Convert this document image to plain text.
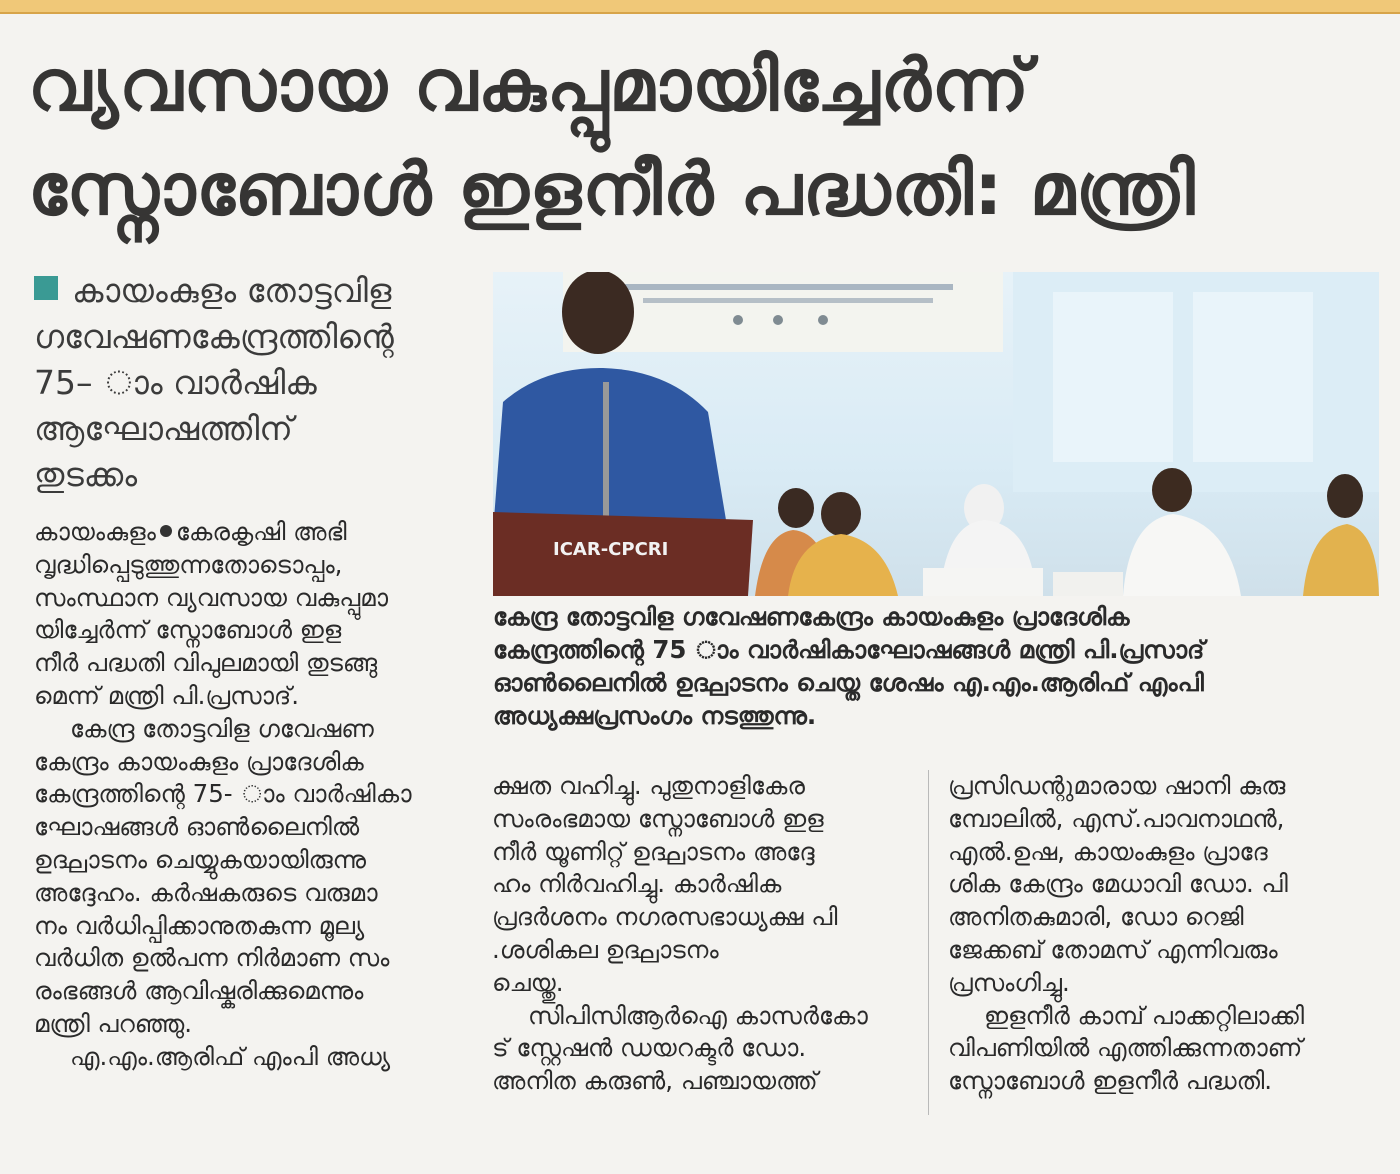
വ്യവസായ വകുപ്പുമായിച്ചേർന്ന്
സ്നോബോൾ ഇളനീർ പദ്ധതി: മന്ത്രി
കായംകുളം തോട്ടവിള
ഗവേഷണകേന്ദ്രത്തിന്റെ
75– ാം വാർഷിക
ആഘോഷത്തിന്
തുടക്കം
ICAR-CPCRI
കേന്ദ്ര തോട്ടവിള ഗവേഷണകേന്ദ്രം കായംകുളം പ്രാദേശിക
കേന്ദ്രത്തിന്റെ 75 ാം വാർഷികാഘോഷങ്ങൾ മന്ത്രി പി.പ്രസാദ്
ഓൺലൈനിൽ ഉദ്ഘാടനം ചെയ്ത ശേഷം എ.എം.ആരിഫ് എംപി
അധ്യക്ഷപ്രസംഗം നടത്തുന്നു.

കായംകുളം കേരകൃഷി അഭി
വൃദ്ധിപ്പെടുത്തുന്നതോടൊപ്പം,
സംസ്ഥാന വ്യവസായ വകുപ്പുമാ
യിച്ചേർന്ന് സ്നോബോൾ ഇള
നീർ പദ്ധതി വിപുലമായി തുടങ്ങു
മെന്ന് മന്ത്രി പി.പ്രസാദ്.

കേന്ദ്ര തോട്ടവിള ഗവേഷണ
കേന്ദ്രം കായംകുളം പ്രാദേശിക
കേന്ദ്രത്തിന്റെ 75- ാം വാർഷികാ
ഘോഷങ്ങൾ ഓൺലൈനിൽ
ഉദ്ഘാടനം ചെയ്യുകയായിരുന്നു
അദ്ദേഹം. കർഷകരുടെ വരുമാ
നം വർധിപ്പിക്കാനുതകുന്ന മൂല്യ
വർധിത ഉൽപന്ന നിർമാണ സം
രംഭങ്ങൾ ആവിഷ്കരിക്കുമെന്നും
മന്ത്രി പറഞ്ഞു.

എ.എം.ആരിഫ് എംപി അധ്യ

ക്ഷത വഹിച്ചു. പുതുനാളികേര
സംരംഭമായ സ്നോബോൾ ഇള
നീർ യൂണിറ്റ് ഉദ്ഘാടനം അദ്ദേ
ഹം നിർവഹിച്ചു. കാർഷിക
പ്രദർശനം നഗരസഭാധ്യക്ഷ പി
.ശശികല ഉദ്ഘാടനം
ചെയ്തു.

സിപിസിആർഐ കാസർകോ
ട് സ്റ്റേഷൻ ഡയറക്ടർ ഡോ.
അനിത കരുൺ, പഞ്ചായത്ത്

പ്രസിഡന്റുമാരായ ഷാനി കുരു
മ്പോലിൽ, എസ്.പാവനാഥൻ,
എൽ.ഉഷ, കായംകുളം പ്രാദേ
ശിക കേന്ദ്രം മേധാവി ഡോ. പി
അനിതകുമാരി, ഡോ റെജി
ജേക്കബ് തോമസ് എന്നിവരും
പ്രസംഗിച്ചു.

ഇളനീർ കാമ്പ് പാക്കറ്റിലാക്കി
വിപണിയിൽ എത്തിക്കുന്നതാണ്
സ്നോബോൾ ഇളനീർ പദ്ധതി.
